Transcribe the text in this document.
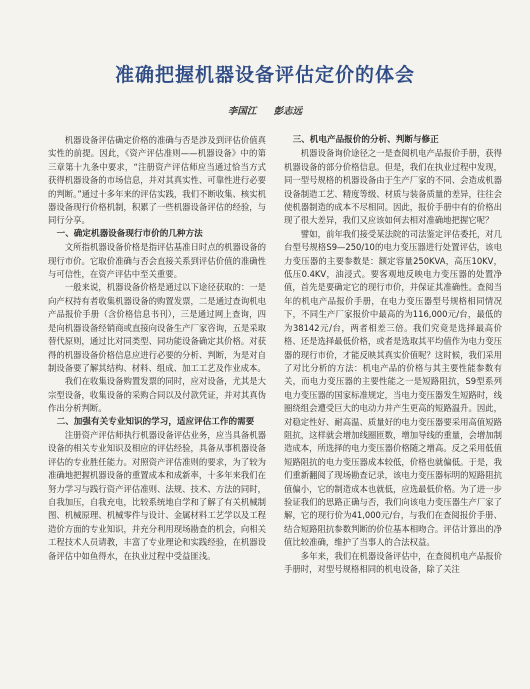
准确把握机器设备评估定价的体会
李国江 彭志远

机器设备评估确定价格的准确与否是涉及到评估价值真实性的前提。因此，《资产评估准则——机器设备》中的第三章第十九条中要求，“注册资产评估师应当通过恰当方式获得机器设备的市场信息，并对其真实性、可靠性进行必要的判断。”通过十多年来的评估实践，我们不断收集、核实机器设备现行价格机制，积累了一些机器设备评估的经验，与同行分享。

一、确定机器设备现行市价的几种方法

文所指机器设备价格是指评估基准日时点的机器设备的现行市价。它取价准确与否会直接关系到评估价值的准确性与可信性，在资产评估中至关重要。

一般来说，机器设备价格是通过以下途径获取的：一是向产权持有者收集机器设备的购置发票，二是通过查询机电产品报价手册（含价格信息书刊），三是通过网上查询，四是向机器设备经销商或直接向设备生产厂家咨询，五是采取替代原则，通过比对同类型、同功能设备确定其价格。对获得的机器设备价格信息应进行必要的分析、判断，为是对自制设备要了解其结构、材料、组成、加工工艺及作业成本。

我们在收集设备购置发票的同时，应对设备，尤其是大宗型设备，收集设备的采购合同以及付款凭证，并对其真伪作出分析判断。

二、加强有关专业知识的学习，适应评估工作的需要

注册资产评估师执行机器设备评估业务，应当具备机器设备的相关专业知识及相应的评估经验，具备从事机器设备评估的专业胜任能力。对照资产评估准则的要求，为了较为准确地把握机器设备的重置成本和成新率，十多年来我们在努力学习与践行资产评估准则、法规、技术、方法的同时，自我加压，自我充电，比较系统地自学和了解了有关机械制图、机械原理、机械零件与设计、金属材料工艺学以及工程造价方面的专业知识，并充分利用现场勘查的机会，向相关工程技术人员请教，丰富了专业理论和实践经验，在机器设备评估中如鱼得水，在执业过程中受益匪浅。

三、机电产品报价的分析、判断与修正

机器设备询价途径之一是查阅机电产品报价手册，获得机器设备的部分价格信息。但是，我们在执业过程中发现，同一型号规格的机器设备由于生产厂家的不同、会造成机器设备制造工艺、精度等级、材质与装备质量的差异，往往会使机器制造的成本不尽相同。因此，报价手册中有的价格出现了很大差异，我们又应该如何去相对准确地把握它呢？

譬如，前年我们接受某法院的司法鉴定评估委托，对几台型号规格S9—250/10的电力变压器进行处置评估，该电力变压器的主要参数是：额定容量250KVA，高压10KV，低压0.4KV，油浸式。要客观地反映电力变压器的处置净值，首先是要确定它的现行市价，并保证其准确性。查阅当年的机电产品报价手册，在电力变压器型号规格相同情况下，不同生产厂家报价中最高的为116,000元/台，最低的为38142元/台，两者相差三倍。我们究竟是选择最高价格、还是选择最低价格，或者是选取其平均值作为电力变压器的现行市价，才能反映其真实价值呢？这时候，我们采用了对比分析的方法：机电产品的价格与其主要性能参数有关，而电力变压器的主要性能之一是短路阻抗，S9型系列电力变压器的国家标准规定，当电力变压器发生短路时，线圈绕组会遭受巨大的电动力并产生更高的短路温升。因此，对稳定性好、耐高温、质量好的电力变压器要采用高值短路阻抗，这样就会增加线圈匝数，增加导线的重量，会增加制造成本，所选择的电力变压器价格随之增高。反之采用低值短路阻抗的电力变压器成本较低，价格也就偏低。于是，我们重新翻阅了现场勘查记录，该电力变压器标明的短路阻抗值偏小，它的制造成本也就低，应选最低价格。为了进一步验证我们的思路正确与否，我们向该电力变压器生产厂家了解，它的现行价为41,000元/台，与我们在查阅报价手册、结合短路阻抗参数判断的价位基本相吻合。评估计算出的净值比较准确，维护了当事人的合法权益。

多年来，我们在机器设备评估中，在查阅机电产品报价手册时，对型号规格相同的机电设备，除了关注
